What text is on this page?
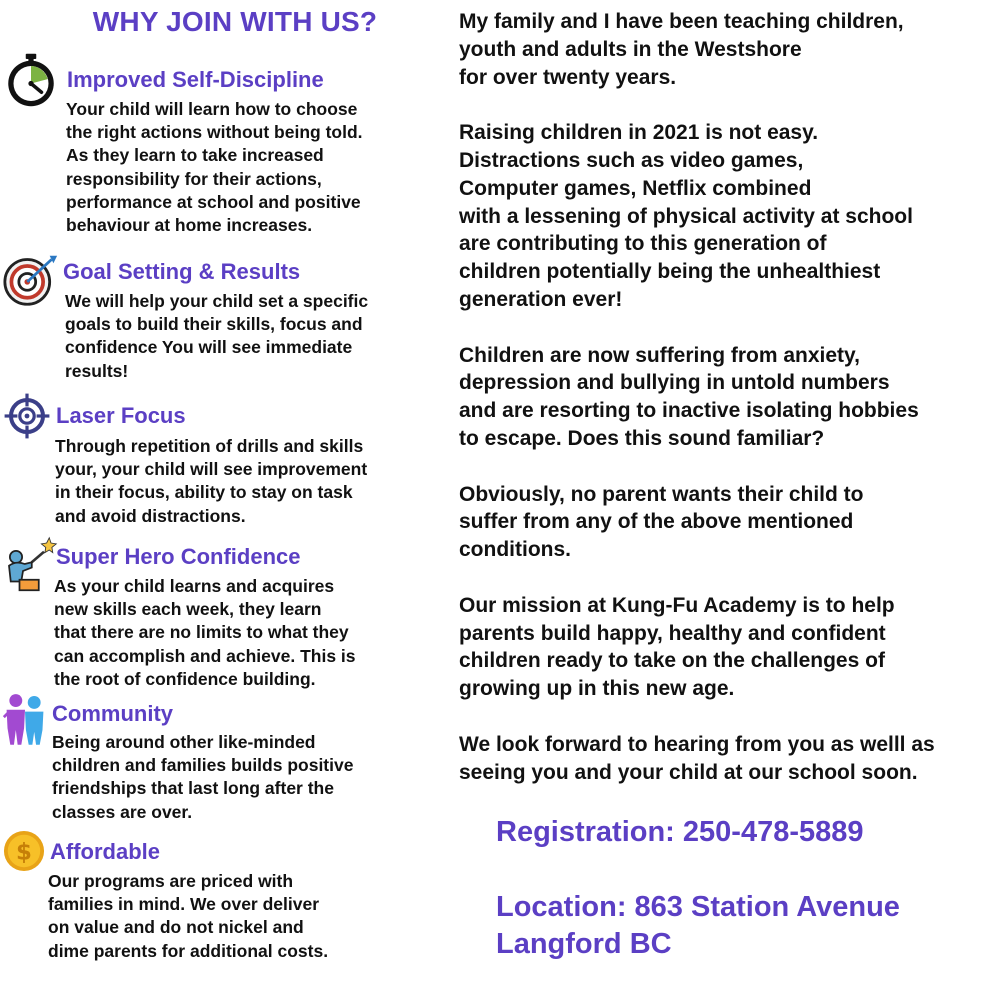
WHY JOIN WITH US?
Improved Self-Discipline
Your child will learn how to choose
the right actions without being told.
As they learn to take increased
responsibility for their actions,
performance at school and positive
behaviour at home increases.
Goal Setting & Results
We will help your child set a specific
goals to build their skills, focus and
confidence You will see immediate
results!
Laser Focus
Through repetition of drills and skills
your, your child will see improvement
in their focus, ability to stay on task
and avoid distractions.
Super Hero Confidence
As your child learns and acquires
new skills each week, they learn
that there are no limits to what they
can accomplish and achieve. This is
the root of confidence building.
Community
Being around other like-minded
children and families builds positive
friendships that last long after the
classes are over.
$ Affordable
Our programs are priced with
families in mind. We over deliver
on value and do not nickel and
dime parents for additional costs.
My family and I have been teaching children,
youth and adults in the Westshore
for over twenty years.
Raising children in 2021 is not easy.
Distractions such as video games,
Computer games, Netflix combined
with a lessening of physical activity at school
are contributing to this generation of
children potentially being the unhealthiest
generation ever!
Children are now suffering from anxiety,
depression and bullying in untold numbers
and are resorting to inactive isolating hobbies
to escape. Does this sound familiar?
Obviously, no parent wants their child to
suffer from any of the above mentioned
conditions.
Our mission at Kung-Fu Academy is to help
parents build happy, healthy and confident
children ready to take on the challenges of
growing up in this new age.
We look forward to hearing from you as welll as
seeing you and your child at our school soon.
Registration: 250-478-5889
Location: 863 Station Avenue
Langford BC
